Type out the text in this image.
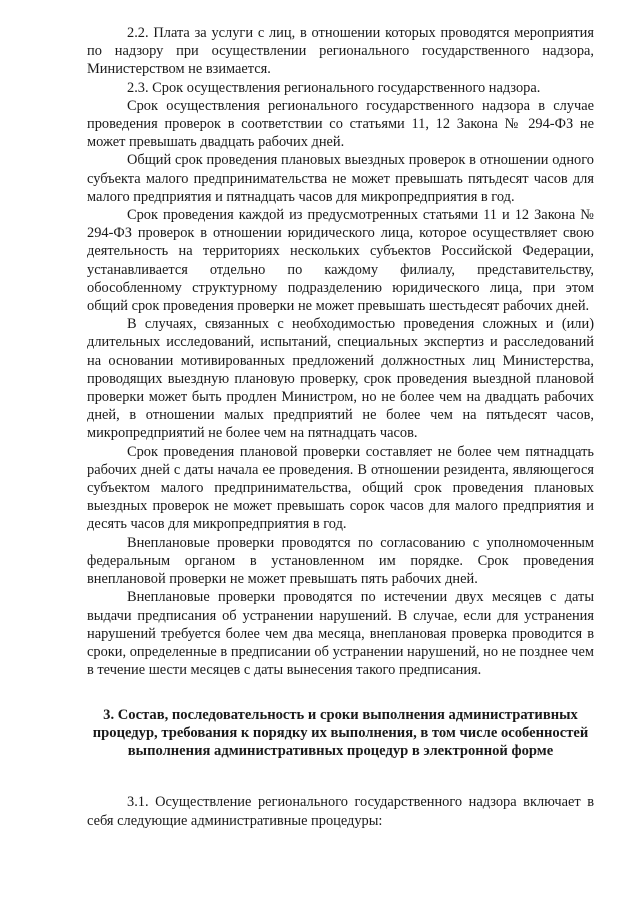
2.2. Плата за услуги с лиц, в отношении которых проводятся мероприятия по надзору при осуществлении регионального государственного надзора, Министерством не взимается.

2.3. Срок осуществления регионального государственного надзора.

Срок осуществления регионального государственного надзора в случае проведения проверок в соответствии со статьями 11, 12 Закона № 294-ФЗ не может превышать двадцать рабочих дней.

Общий срок проведения плановых выездных проверок в отношении одного субъекта малого предпринимательства не может превышать пятьдесят часов для малого предприятия и пятнадцать часов для микропредприятия в год.

Срок проведения каждой из предусмотренных статьями 11 и 12 Закона № 294-ФЗ проверок в отношении юридического лица, которое осуществляет свою деятельность на территориях нескольких субъектов Российской Федерации, устанавливается отдельно по каждому филиалу, представительству, обособленному структурному подразделению юридического лица, при этом общий срок проведения проверки не может превышать шестьдесят рабочих дней.

В случаях, связанных с необходимостью проведения сложных и (или) длительных исследований, испытаний, специальных экспертиз и расследований на основании мотивированных предложений должностных лиц Министерства, проводящих выездную плановую проверку, срок проведения выездной плановой проверки может быть продлен Министром, но не более чем на двадцать рабочих дней, в отношении малых предприятий не более чем на пятьдесят часов, микропредприятий не более чем на пятнадцать часов.

Срок проведения плановой проверки составляет не более чем пятнадцать рабочих дней с даты начала ее проведения. В отношении резидента, являющегося субъектом малого предпринимательства, общий срок проведения плановых выездных проверок не может превышать сорок часов для малого предприятия и десять часов для микропредприятия в год.

Внеплановые проверки проводятся по согласованию с уполномоченным федеральным органом в установленном им порядке. Срок проведения внеплановой проверки не может превышать пять рабочих дней.

Внеплановые проверки проводятся по истечении двух месяцев с даты выдачи предписания об устранении нарушений. В случае, если для устранения нарушений требуется более чем два месяца, внеплановая проверка проводится в сроки, определенные в предписании об устранении нарушений, но не позднее чем в течение шести месяцев с даты вынесения такого предписания.

3. Состав, последовательность и сроки выполнения административных процедур, требования к порядку их выполнения, в том числе особенностей выполнения административных процедур в электронной форме

3.1. Осуществление регионального государственного надзора включает в себя следующие административные процедуры:
